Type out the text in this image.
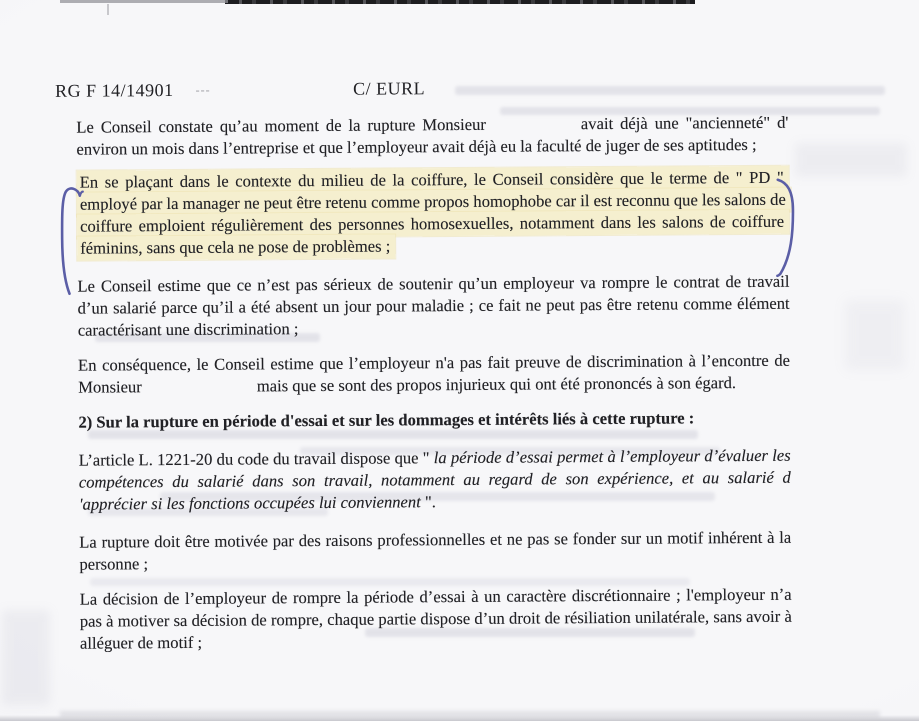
RG F 14/14901 ---	C/ EURL

Le Conseil constate qu’au moment de la rupture Monsieur	avait déjà une "ancienneté" d' environ un mois dans l’entreprise et que l’employeur avait déjà eu la faculté de juger de ses aptitudes ;

En se plaçant dans le contexte du milieu de la coiffure, le Conseil considère que le terme de " PD " employé par la manager ne peut être retenu comme propos homophobe car il est reconnu que les salons de coiffure emploient régulièrement des personnes homosexuelles, notamment dans les salons de coiffure féminins, sans que cela ne pose de problèmes ;

Le Conseil estime que ce n’est pas sérieux de soutenir qu’un employeur va rompre le contrat de travail d’un salarié parce qu’il a été absent un jour pour maladie ; ce fait ne peut pas être retenu comme élément caractérisant une discrimination ;

En conséquence, le Conseil estime que l’employeur n'a pas fait preuve de discrimination à l’encontre de Monsieur	mais que se sont des propos injurieux qui ont été prononcés à son égard.

2) Sur la rupture en période d'essai et sur les dommages et intérêts liés à cette rupture :

L’article L. 1221-20 du code du travail dispose que " la période d’essai permet à l’employeur d’évaluer les compétences du salarié dans son travail, notamment au regard de son expérience, et au salarié d 'apprécier si les fonctions occupées lui conviennent ".

La rupture doit être motivée par des raisons professionnelles et ne pas se fonder sur un motif inhérent à la personne ;

La décision de l’employeur de rompre la période d’essai à un caractère discrétionnaire ; l'employeur n’a pas à motiver sa décision de rompre, chaque partie dispose d’un droit de résiliation unilatérale, sans avoir à alléguer de motif ;
